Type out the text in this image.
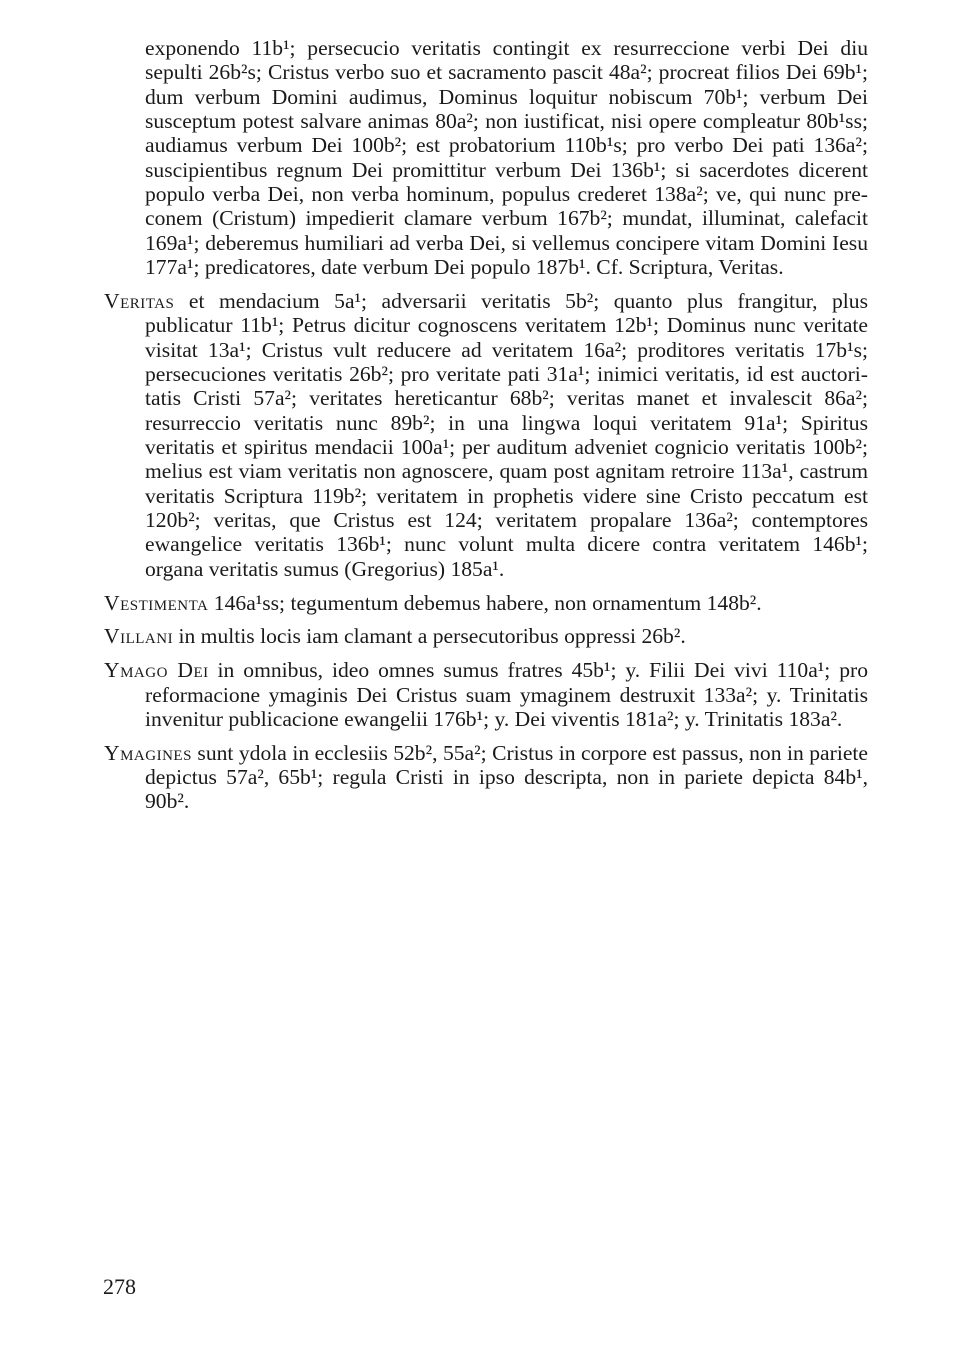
exponendo 11b¹; persecucio veritatis contingit ex resurreccione verbi Dei diu sepulti 26b²s; Cristus verbo suo et sacramento pascit 48a²; procreat filios Dei 69b¹; dum verbum Domini audimus, Dominus loquitur nobiscum 70b¹; verbum Dei susceptum potest salvare animas 80a²; non iustificat, nisi opere compleatur 80b¹ss; audiamus verbum Dei 100b²; est probatorium 110b¹s; pro verbo Dei pati 136a²; suscipientibus regnum Dei promittitur verbum Dei 136b¹; si sacerdotes dicerent populo verba Dei, non verba hominum, populus crederet 138a²; ve, qui nunc preconem (Cristum) impedierit clamare verbum 167b²; mundat, illuminat, calefacit 169a¹; deberemus humiliari ad verba Dei, si vellemus concipere vitam Domini Iesu 177a¹; predicatores, date verbum Dei populo 187b¹. Cf. Scriptura, Veritas.

Veritas et mendacium 5a¹; adversarii veritatis 5b²; quanto plus frangitur, plus publicatur 11b¹; Petrus dicitur cognoscens veritatem 12b¹; Dominus nunc veritate visitat 13a¹; Cristus vult reducere ad veritatem 16a²; proditores veritatis 17b¹s; persecuciones veritatis 26b²; pro veritate pati 31a¹; inimici veritatis, id est auctoritatis Cristi 57a²; veritates hereticantur 68b²; veritas manet et invalescit 86a²; resurreccio veritatis nunc 89b²; in una lingwa loqui veritatem 91a¹; Spiritus veritatis et spiritus mendacii 100a¹; per auditum adveniet cognicio veritatis 100b²; melius est viam veritatis non agnoscere, quam post agnitam retroire 113a¹, castrum veritatis Scriptura 119b²; veritatem in prophetis videre sine Cristo peccatum est 120b²; veritas, que Cristus est 124; veritatem propalare 136a²; contemptores ewangelice veritatis 136b¹; nunc volunt multa dicere contra veritatem 146b¹; organa veritatis sumus (Gregorius) 185a¹.

Vestimenta 146a¹ss; tegumentum debemus habere, non ornamentum 148b².

Villani in multis locis iam clamant a persecutoribus oppressi 26b².

Ymago Dei in omnibus, ideo omnes sumus fratres 45b¹; y. Filii Dei vivi 110a¹; pro reformacione ymaginis Dei Cristus suam ymaginem destruxit 133a²; y. Trinitatis invenitur publicacione ewangelii 176b¹; y. Dei viventis 181a²; y. Trinitatis 183a².

Ymagines sunt ydola in ecclesiis 52b², 55a²; Cristus in corpore est passus, non in pariete depictus 57a², 65b¹; regula Cristi in ipso descripta, non in pariete depicta 84b¹, 90b².

278
